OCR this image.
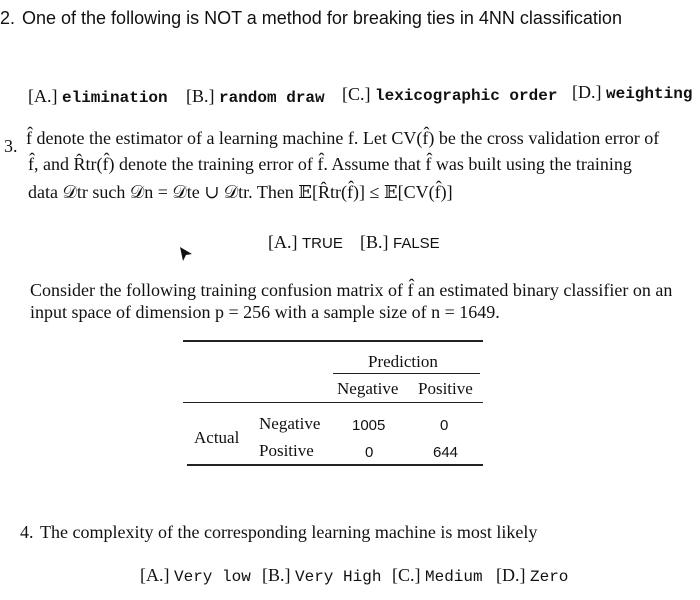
2. One of the following is NOT a method for breaking ties in 4NN classification
[A.] elimination [B.] random draw [C.] lexicographic order [D.] weighting
3. f̂ denote the estimator of a learning machine f. Let CV(f̂) be the cross validation error of
f̂, and R̂tr(f̂) denote the training error of f̂. Assume that f̂ was built using the training
data 𝒟tr such 𝒟n = 𝒟te ∪ 𝒟tr. Then 𝔼[R̂tr(f̂)] ≤ 𝔼[CV(f̂)]
[A.] TRUE [B.] FALSE
Consider the following training confusion matrix of f̂ an estimated binary classifier on an
input space of dimension p = 256 with a sample size of n = 1649.
Prediction
Negative Positive
Actual
Negative 1005	0
Positive	0	644
4. The complexity of the corresponding learning machine is most likely
[A.] Very low [B.] Very High [C.] Medium [D.] Zero
